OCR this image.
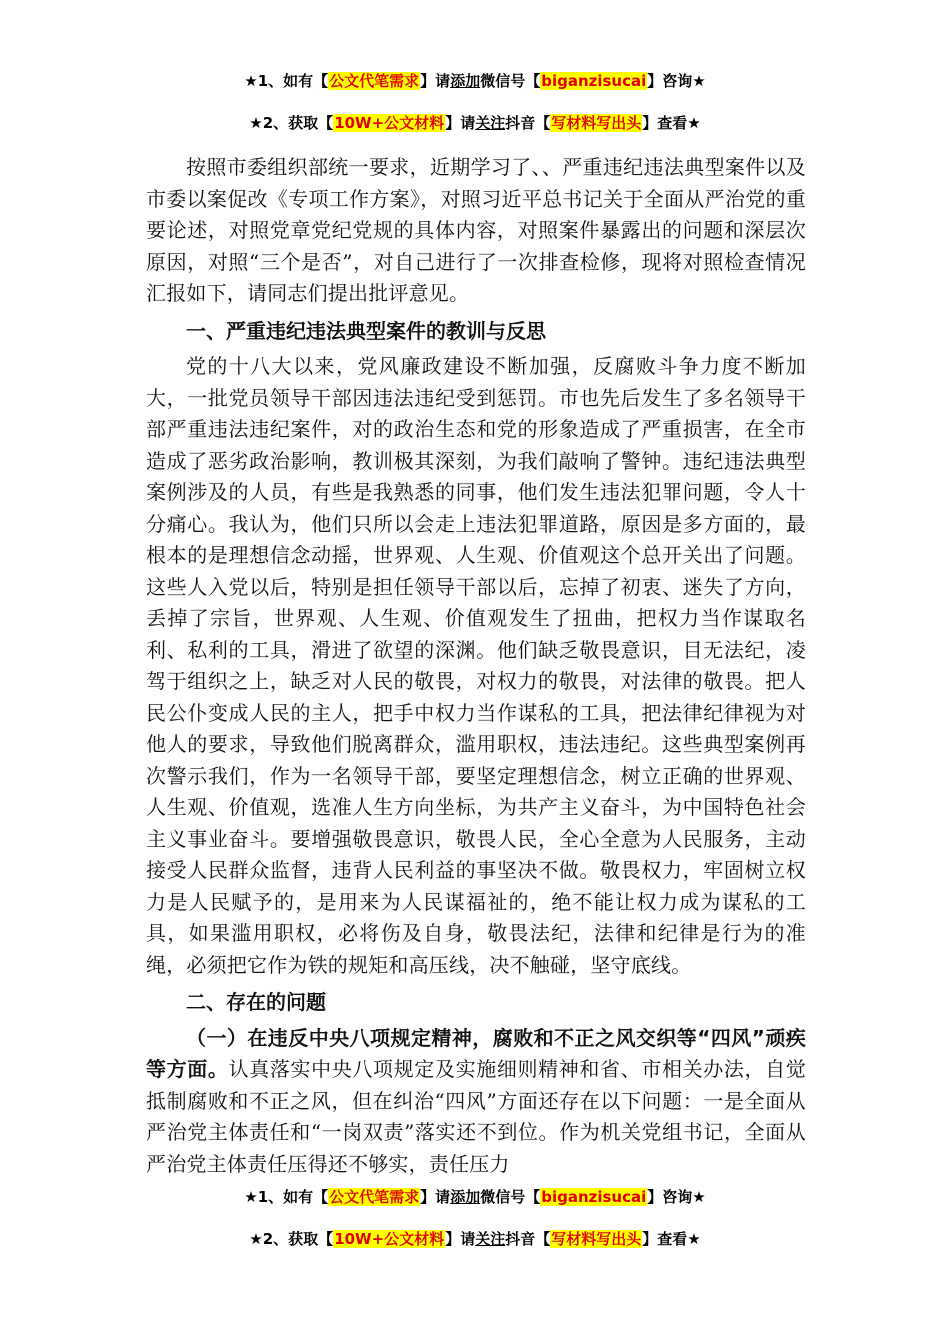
★1、如有【公文代笔需求】请添加微信号【biganzisucai】咨询★
★2、获取【10W+公文材料】请关注抖音【写材料写出头】查看★

按照市委组织部统一要求，近期学习了、、严重违纪违法典型案件以及市委以案促改《专项工作方案》，对照习近平总书记关于全面从严治党的重要论述，对照党章党纪党规的具体内容，对照案件暴露出的问题和深层次原因，对照“三个是否”，对自己进行了一次排查检修，现将对照检查情况汇报如下，请同志们提出批评意见。

一、严重违纪违法典型案件的教训与反思

党的十八大以来，党风廉政建设不断加强，反腐败斗争力度不断加大，一批党员领导干部因违法违纪受到惩罚。市也先后发生了多名领导干部严重违法违纪案件，对的政治生态和党的形象造成了严重损害，在全市造成了恶劣政治影响，教训极其深刻，为我们敲响了警钟。违纪违法典型案例涉及的人员，有些是我熟悉的同事，他们发生违法犯罪问题，令人十分痛心。我认为，他们只所以会走上违法犯罪道路，原因是多方面的，最根本的是理想信念动摇，世界观、人生观、价值观这个总开关出了问题。这些人入党以后，特别是担任领导干部以后，忘掉了初衷、迷失了方向，丢掉了宗旨，世界观、人生观、价值观发生了扭曲，把权力当作谋取名利、私利的工具，滑进了欲望的深渊。他们缺乏敬畏意识，目无法纪，凌驾于组织之上，缺乏对人民的敬畏，对权力的敬畏，对法律的敬畏。把人民公仆变成人民的主人，把手中权力当作谋私的工具，把法律纪律视为对他人的要求，导致他们脱离群众，滥用职权，违法违纪。这些典型案例再次警示我们，作为一名领导干部，要坚定理想信念，树立正确的世界观、人生观、价值观，选准人生方向坐标，为共产主义奋斗，为中国特色社会主义事业奋斗。要增强敬畏意识，敬畏人民，全心全意为人民服务，主动接受人民群众监督，违背人民利益的事坚决不做。敬畏权力，牢固树立权力是人民赋予的，是用来为人民谋福祉的，绝不能让权力成为谋私的工具，如果滥用职权，必将伤及自身，敬畏法纪，法律和纪律是行为的准绳，必须把它作为铁的规矩和高压线，决不触碰，坚守底线。

二、存在的问题

（一）在违反中央八项规定精神，腐败和不正之风交织等“四风”顽疾等方面。认真落实中央八项规定及实施细则精神和省、市相关办法，自觉抵制腐败和不正之风，但在纠治“四风”方面还存在以下问题：一是全面从严治党主体责任和“一岗双责”落实还不到位。作为机关党组书记，全面从严治党主体责任压得还不够实，责任压力

★1、如有【公文代笔需求】请添加微信号【biganzisucai】咨询★
★2、获取【10W+公文材料】请关注抖音【写材料写出头】查看★
